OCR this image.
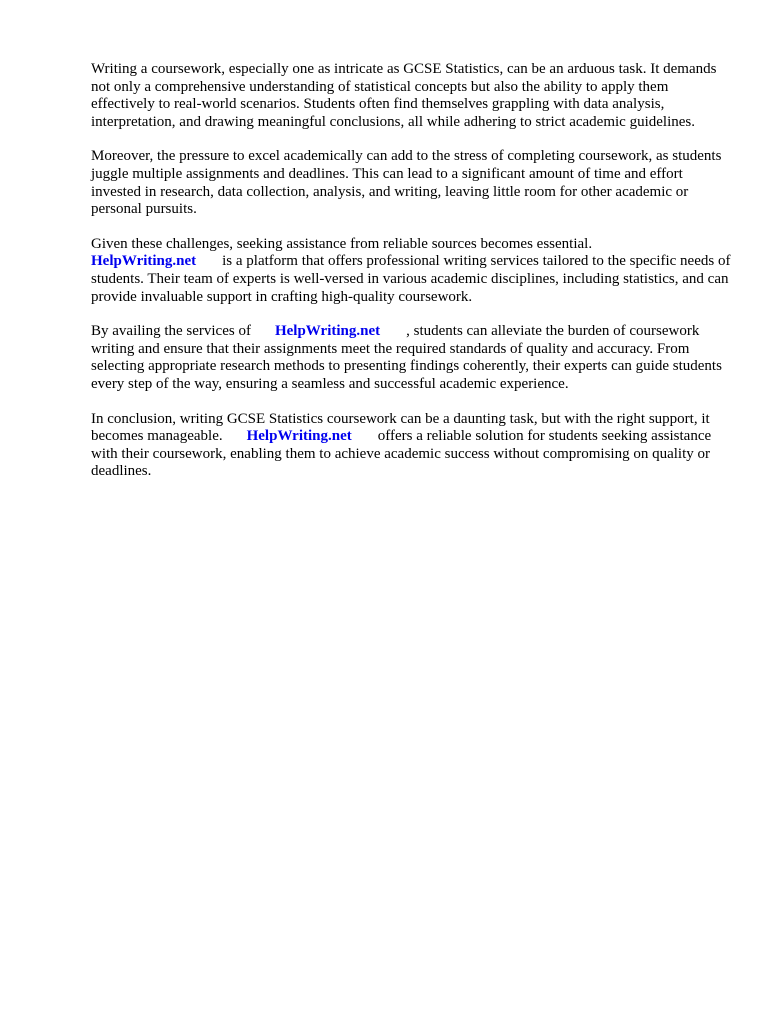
Writing a coursework, especially one as intricate as GCSE Statistics, can be an arduous task. It demands not only a comprehensive understanding of statistical concepts but also the ability to apply them effectively to real-world scenarios. Students often find themselves grappling with data analysis, interpretation, and drawing meaningful conclusions, all while adhering to strict academic guidelines.

Moreover, the pressure to excel academically can add to the stress of completing coursework, as students juggle multiple assignments and deadlines. This can lead to a significant amount of time and effort invested in research, data collection, analysis, and writing, leaving little room for other academic or personal pursuits.

Given these challenges, seeking assistance from reliable sources becomes essential. HelpWriting.net is a platform that offers professional writing services tailored to the specific needs of students. Their team of experts is well-versed in various academic disciplines, including statistics, and can provide invaluable support in crafting high-quality coursework.

By availing the services of HelpWriting.net , students can alleviate the burden of coursework writing and ensure that their assignments meet the required standards of quality and accuracy. From selecting appropriate research methods to presenting findings coherently, their experts can guide students every step of the way, ensuring a seamless and successful academic experience.

In conclusion, writing GCSE Statistics coursework can be a daunting task, but with the right support, it becomes manageable. HelpWriting.net offers a reliable solution for students seeking assistance with their coursework, enabling them to achieve academic success without compromising on quality or deadlines.
